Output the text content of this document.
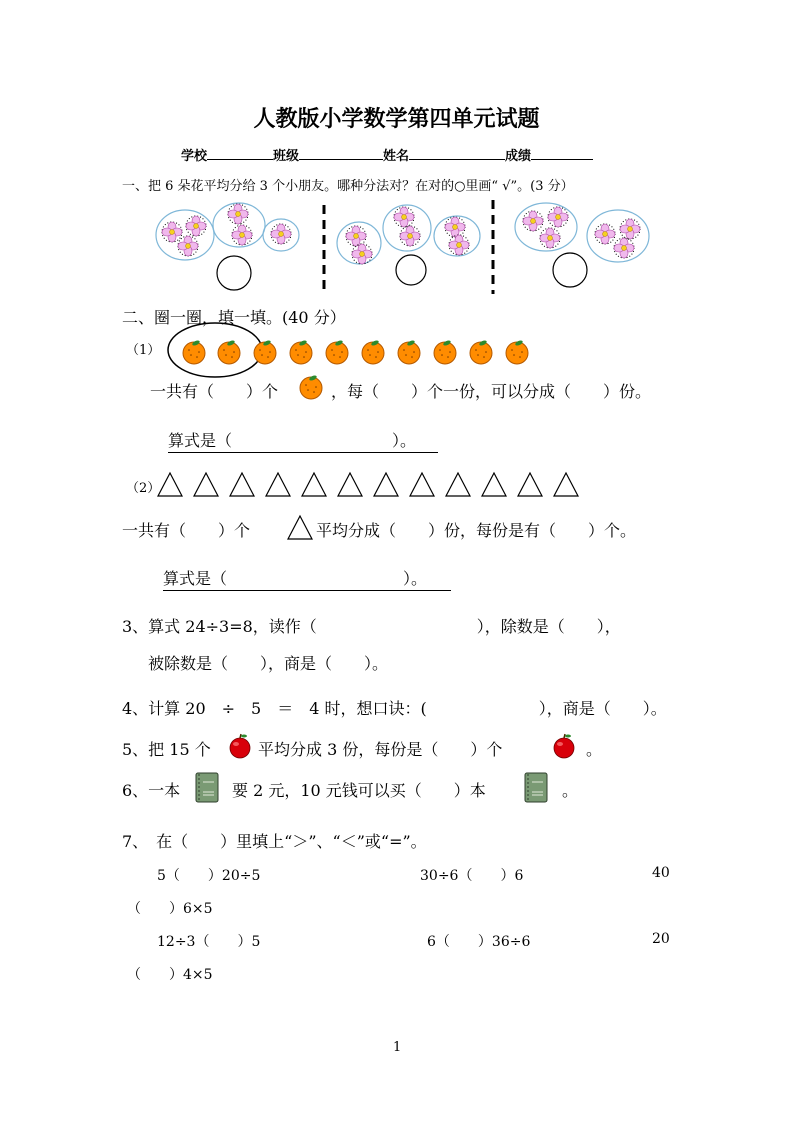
人教版小学数学第四单元试题
学校	班级	姓名	成绩
一、把 6 朵花平均分给 3 个小朋友。哪种分法对？在对的○里画“ √”。(3 分）
二、圈一圈，填一填。(40 分）
（1）
一共有（　　）个	，每（　　）个一份，可以分成（　　）份。
算式是（　　　　　　　　　　）。
（2）
一共有（　　）个	平均分成（　　）份，每份是有（　　）个。
算式是（　　　　　　　　　　　）。
3、算式 24÷3=8，读作（　　　　　　　　　　），除数是（　　），
被除数是（　　），商是（　　）。
4、计算 20　÷　5　＝　4 时，想口诀：(　　　　　　　），商是（　　）。
5、把 15 个	平均分成 3 份，每份是（　　）个	。
6、一本	要 2 元，10 元钱可以买（　　）本	。
7、　在（　　）里填上“＞”、“＜”或“=”。
5（　　）20÷5	30÷6（　　）6	40
（　　）6×5
12÷3（　　）5	6（　　）36÷6	20
（　　）4×5
1
